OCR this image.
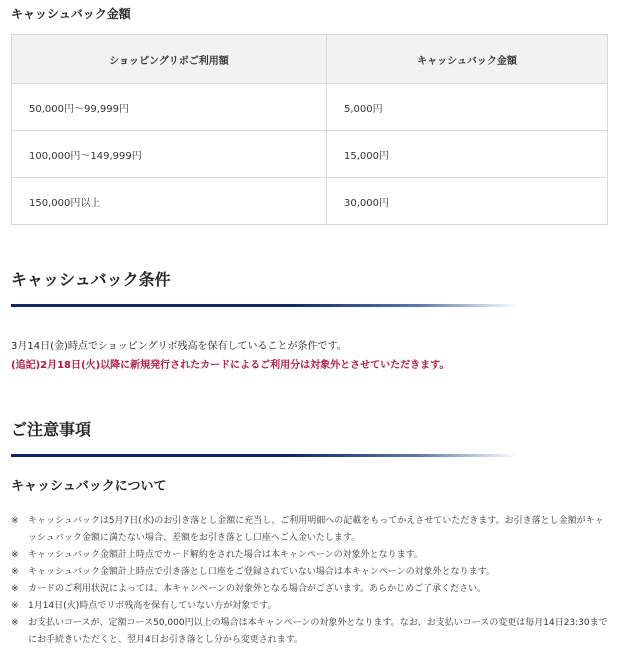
キャッシュバック金額
ショッピングリボご利用額	キャッシュバック金額
50,000円〜99,999円	5,000円
100,000円〜149,999円	15,000円
150,000円以上	30,000円
キャッシュバック条件
3月14日(金)時点でショッピングリボ残高を保有していることが条件です。
(追記)2月18日(火)以降に新規発行されたカードによるご利用分は対象外とさせていただきます。
ご注意事項
キャッシュバックについて
※ キャッシュバックは5月7日(水)のお引き落とし金額に充当し、ご利用明細への記載をもってかえさせていただきます。お引き落とし金額がキャッシュバック金額に満たない場合、差額をお引き落とし口座へご入金いたします。
※ キャッシュバック金額計上時点でカード解約をされた場合は本キャンペーンの対象外となります。
※ キャッシュバック金額計上時点で引き落とし口座をご登録されていない場合は本キャンペーンの対象外となります。
※ カードのご利用状況によっては、本キャンペーンの対象外となる場合がございます。あらかじめご了承ください。
※ 1月14日(火)時点でリボ残高を保有していない方が対象です。
※ お支払いコースが、定額コース50,000円以上の場合は本キャンペーンの対象外となります。なお、お支払いコースの変更は毎月14日23:30までにお手続きいただくと、翌月4日お引き落とし分から変更されます。
